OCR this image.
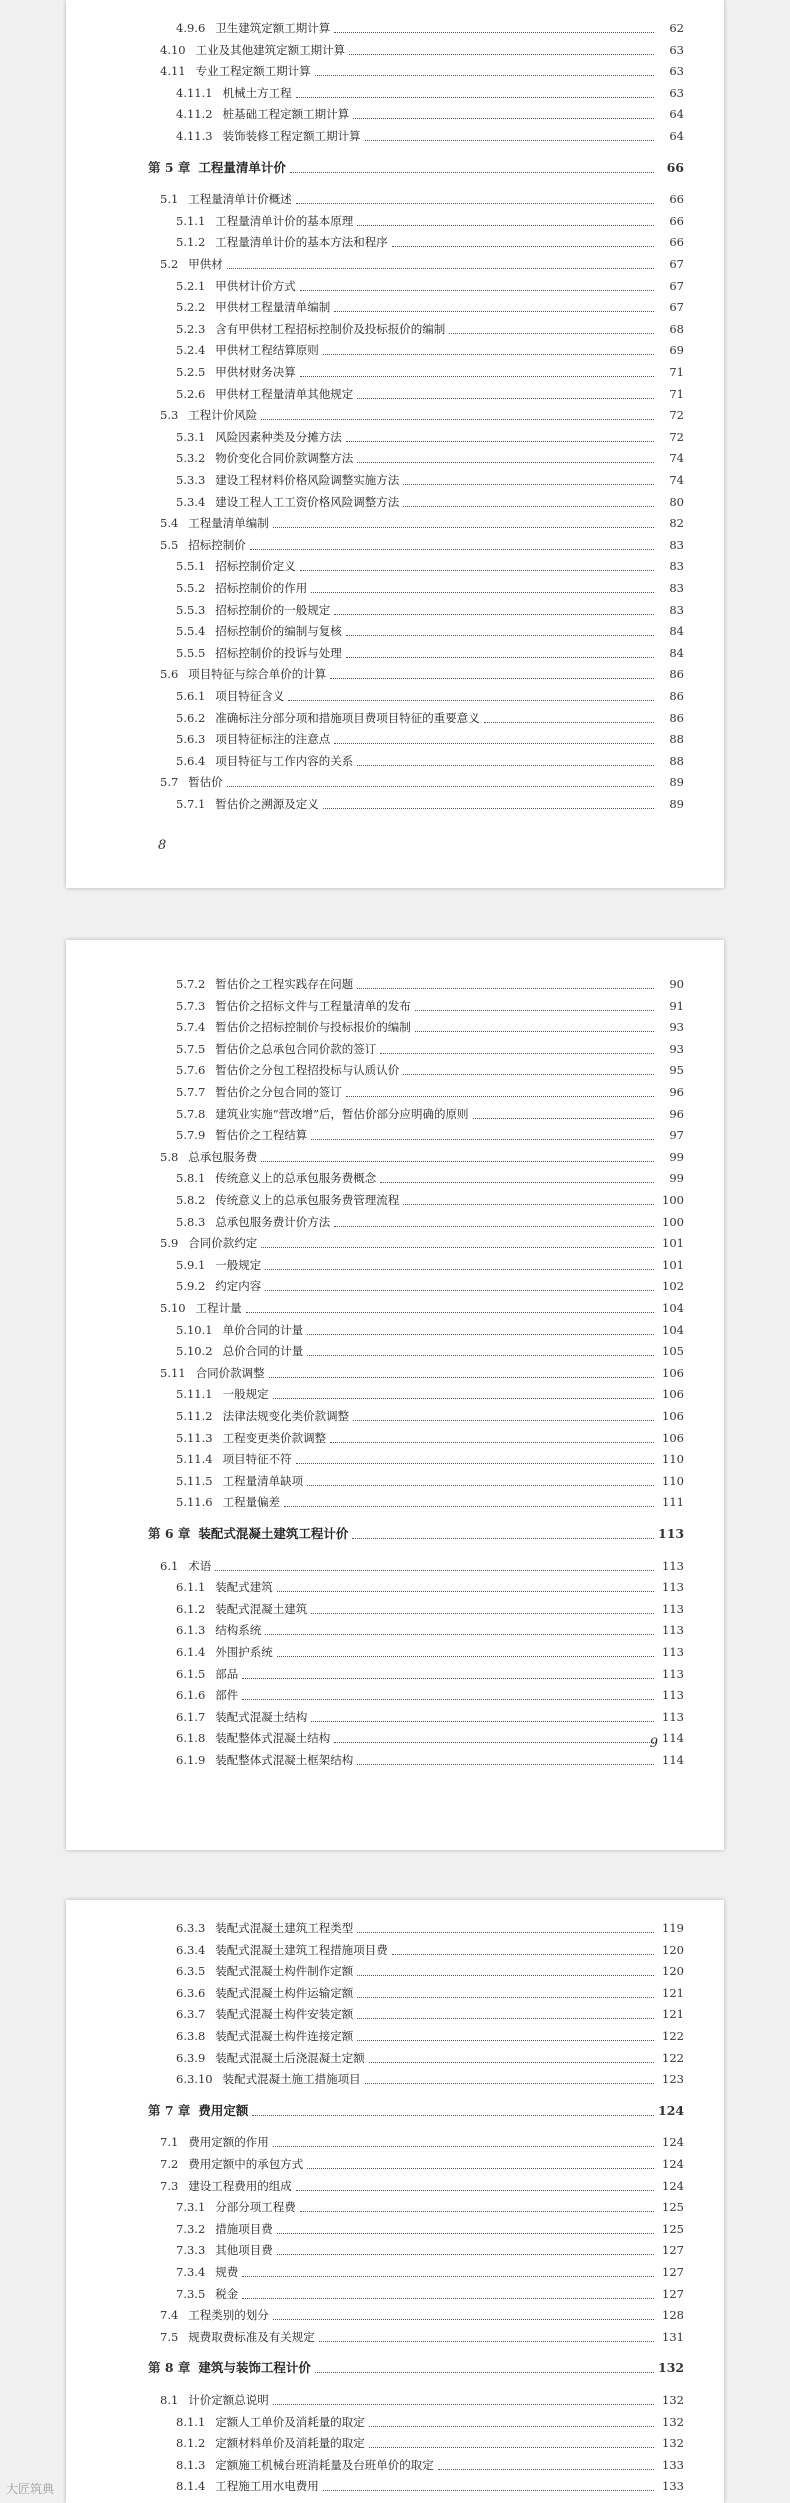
4.9.6 卫生建筑定额工期计算	62
4.10 工业及其他建筑定额工期计算	63
4.11 专业工程定额工期计算	63
4.11.1 机械土方工程	63
4.11.2 桩基础工程定额工期计算	64
4.11.3 装饰装修工程定额工期计算	64
第 5 章 工程量清单计价	66
5.1 工程量清单计价概述	66
5.1.1 工程量清单计价的基本原理	66
5.1.2 工程量清单计价的基本方法和程序	66
5.2 甲供材	67
5.2.1 甲供材计价方式	67
5.2.2 甲供材工程量清单编制	67
5.2.3 含有甲供材工程招标控制价及投标报价的编制	68
5.2.4 甲供材工程结算原则	69
5.2.5 甲供材财务决算	71
5.2.6 甲供材工程量清单其他规定	71
5.3 工程计价风险	72
5.3.1 风险因素种类及分摊方法	72
5.3.2 物价变化合同价款调整方法	74
5.3.3 建设工程材料价格风险调整实施方法	74
5.3.4 建设工程人工工资价格风险调整方法	80
5.4 工程量清单编制	82
5.5 招标控制价	83
5.5.1 招标控制价定义	83
5.5.2 招标控制价的作用	83
5.5.3 招标控制价的一般规定	83
5.5.4 招标控制价的编制与复核	84
5.5.5 招标控制价的投诉与处理	84
5.6 项目特征与综合单价的计算	86
5.6.1 项目特征含义	86
5.6.2 准确标注分部分项和措施项目费项目特征的重要意义	86
5.6.3 项目特征标注的注意点	88
5.6.4 项目特征与工作内容的关系	88
5.7 暂估价	89
5.7.1 暂估价之溯源及定义	89
8
5.7.2 暂估价之工程实践存在问题	90
5.7.3 暂估价之招标文件与工程量清单的发布	91
5.7.4 暂估价之招标控制价与投标报价的编制	93
5.7.5 暂估价之总承包合同价款的签订	93
5.7.6 暂估价之分包工程招投标与认质认价	95
5.7.7 暂估价之分包合同的签订	96
5.7.8 建筑业实施“营改增”后，暂估价部分应明确的原则	96
5.7.9 暂估价之工程结算	97
5.8 总承包服务费	99
5.8.1 传统意义上的总承包服务费概念	99
5.8.2 传统意义上的总承包服务费管理流程	100
5.8.3 总承包服务费计价方法	100
5.9 合同价款约定	101
5.9.1 一般规定	101
5.9.2 约定内容	102
5.10 工程计量	104
5.10.1 单价合同的计量	104
5.10.2 总价合同的计量	105
5.11 合同价款调整	106
5.11.1 一般规定	106
5.11.2 法律法规变化类价款调整	106
5.11.3 工程变更类价款调整	106
5.11.4 项目特征不符	110
5.11.5 工程量清单缺项	110
5.11.6 工程量偏差	111
第 6 章 装配式混凝土建筑工程计价	113
6.1 术语	113
6.1.1 装配式建筑	113
6.1.2 装配式混凝土建筑	113
6.1.3 结构系统	113
6.1.4 外围护系统	113
6.1.5 部品	113
6.1.6 部件	113
6.1.7 装配式混凝土结构	113
6.1.8 装配整体式混凝土结构	114
6.1.9 装配整体式混凝土框架结构	114
9
6.3.3 装配式混凝土建筑工程类型	119
6.3.4 装配式混凝土建筑工程措施项目费	120
6.3.5 装配式混凝土构件制作定额	120
6.3.6 装配式混凝土构件运输定额	121
6.3.7 装配式混凝土构件安装定额	121
6.3.8 装配式混凝土构件连接定额	122
6.3.9 装配式混凝土后浇混凝土定额	122
6.3.10 装配式混凝土施工措施项目	123
第 7 章 费用定额	124
7.1 费用定额的作用	124
7.2 费用定额中的承包方式	124
7.3 建设工程费用的组成	124
7.3.1 分部分项工程费	125
7.3.2 措施项目费	125
7.3.3 其他项目费	127
7.3.4 规费	127
7.3.5 税金	127
7.4 工程类别的划分	128
7.5 规费取费标准及有关规定	131
第 8 章 建筑与装饰工程计价	132
8.1 计价定额总说明	132
8.1.1 定额人工单价及消耗量的取定	132
8.1.2 定额材料单价及消耗量的取定	132
8.1.3 定额施工机械台班消耗量及台班单价的取定	133
8.1.4 工程施工用水电费用	133
大匠筑典
